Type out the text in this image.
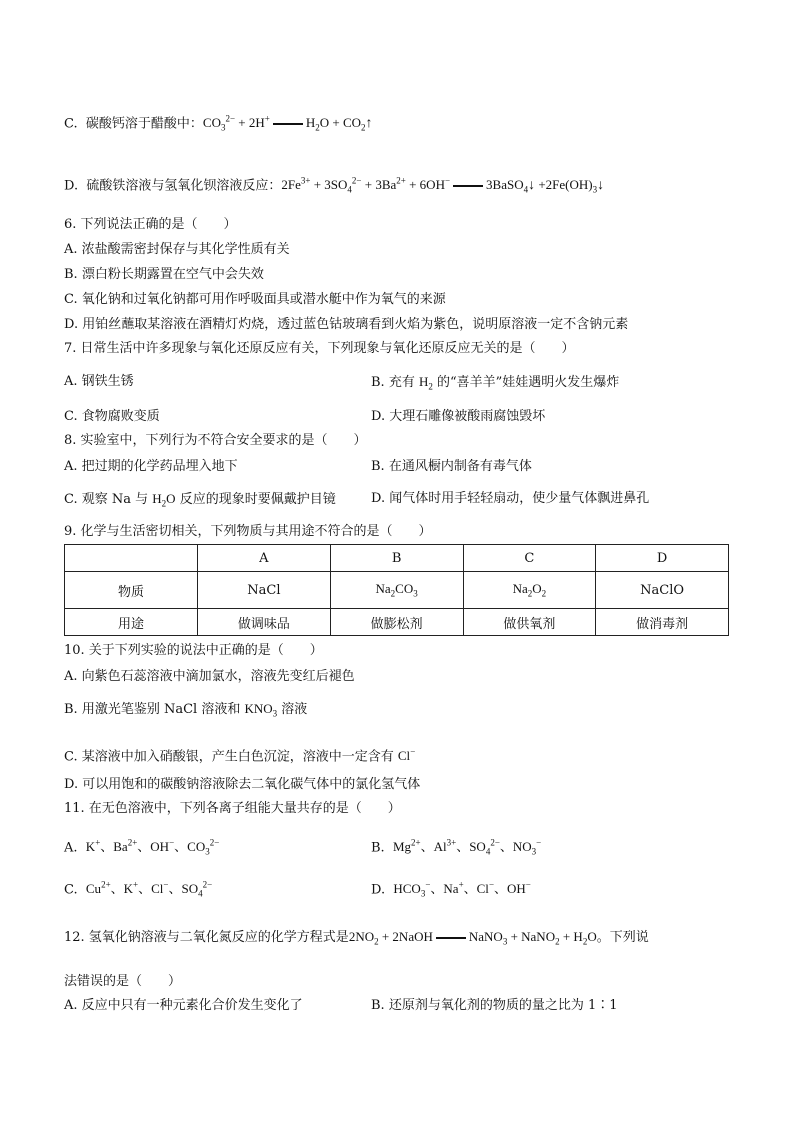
C. 碳酸钙溶于醋酸中：$CO_3^{2-} + 2H^+$	$H_2O$ + $CO_2↑$
D. 硫酸铁溶液与氢氧化钡溶液反应：$2Fe^{3+} + 3SO_4^{2-} + 3Ba^{2+} + 6OH^-$	3BaSO$_4$↓ $+2Fe(OH)_3↓$
6. 下列说法正确的是（　　）
A. 浓盐酸需密封保存与其化学性质有关
B. 漂白粉长期露置在空气中会失效
C. 氧化钠和过氧化钠都可用作呼吸面具或潜水艇中作为氧气的来源
D. 用铂丝蘸取某溶液在酒精灯灼烧，透过蓝色钴玻璃看到火焰为紫色，说明原溶液一定不含钠元素
7. 日常生活中许多现象与氧化还原反应有关，下列现象与氧化还原反应无关的是（　　）
A. 钢铁生锈	B. 充有 $H_2$ 的“喜羊羊”娃娃遇明火发生爆炸
C. 食物腐败变质	D. 大理石雕像被酸雨腐蚀毁坏
8. 实验室中，下列行为不符合安全要求的是（　　）
A. 把过期的化学药品埋入地下	B. 在通风橱内制备有毒气体
C. 观察 Na 与 $H_2O$ 反应的现象时要佩戴护目镜	D. 闻气体时用手轻轻扇动，使少量气体飘进鼻孔
9. 化学与生活密切相关，下列物质与其用途不符合的是（　　）
	A	B	C	D
物质	NaCl	$Na_2CO_3$	$Na_2O_2$	NaClO
用途	做调味品	做膨松剂	做供氧剂	做消毒剂
10. 关于下列实验的说法中正确的是（　　）
A. 向紫色石蕊溶液中滴加氯水，溶液先变红后褪色
B. 用激光笔鉴别 NaCl 溶液和 $KNO_3$ 溶液
C. 某溶液中加入硝酸银，产生白色沉淀，溶液中一定含有 Cl−
D. 可以用饱和的碳酸钠溶液除去二氧化碳气体中的氯化氢气体
11. 在无色溶液中，下列各离子组能大量共存的是（　　）
A. K+、$Ba^{2+}$、OH−、$CO_3^{2-}$	B. $Mg^{2+}$、$Al^{3+}$、$SO_4^{2-}$、$NO_3^-$
C. $Cu^{2+}$、K+、Cl−、$SO_4^{2-}$	D. $HCO_3^-$、Na+、Cl−、OH−
12. 氢氧化钠溶液与二氧化氮反应的化学方程式是$2NO_2$ + 2NaOH	NaNO$_3$ + NaNO$_2$ + $H_2O$。下列说
法错误的是（　　）
A. 反应中只有一种元素化合价发生变化了	B. 还原剂与氧化剂的物质的量之比为 1∶1
